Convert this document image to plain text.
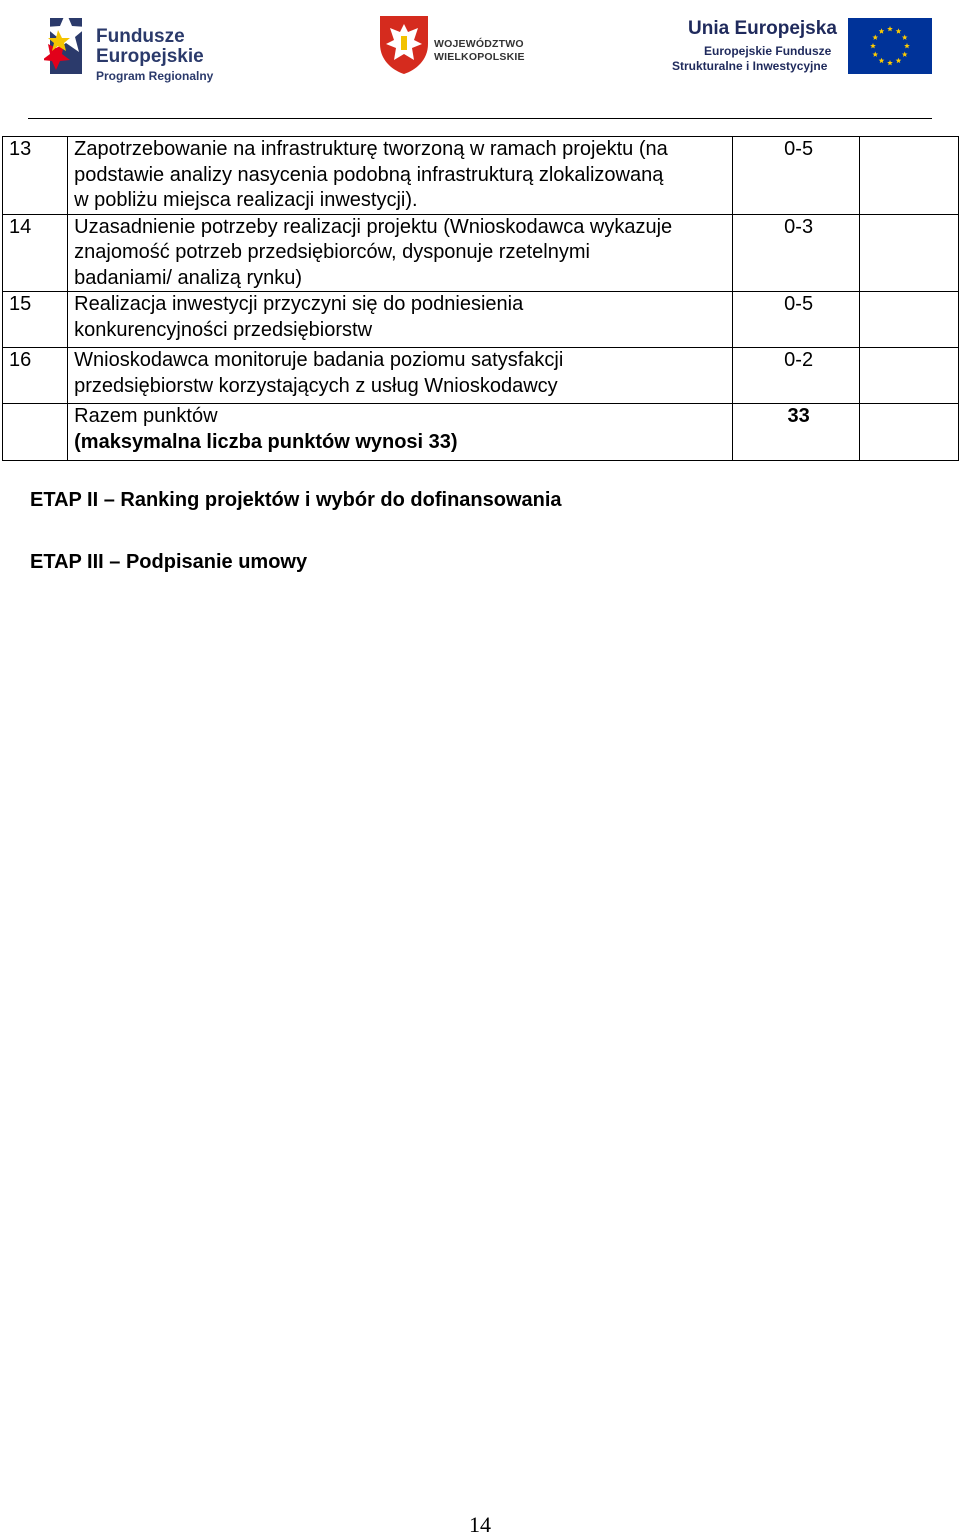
Fundusze
Europejskie
Program Regionalny
WOJEWÓDZTWO
WIELKOPOLSKIE
Unia Europejska
Europejskie Fundusze
Strukturalne i Inwestycyjne
13	Zapotrzebowanie na infrastrukturę tworzoną w ramach projektu (na
podstawie analizy nasycenia podobną infrastrukturą zlokalizowaną
w pobliżu miejsca realizacji inwestycji).	0-5	
14	Uzasadnienie potrzeby realizacji projektu (Wnioskodawca wykazuje
znajomość potrzeb przedsiębiorców, dysponuje rzetelnymi
badaniami/ analizą rynku)	0-3	
15	Realizacja inwestycji przyczyni się do podniesienia
konkurencyjności przedsiębiorstw	0-5	
16	Wnioskodawca monitoruje badania poziomu satysfakcji
przedsiębiorstw korzystających z usług Wnioskodawcy	0-2	

	Razem punktów
(maksymalna liczba punktów wynosi 33)	33	
ETAP II – Ranking projektów i wybór do dofinansowania
ETAP III – Podpisanie umowy
14
